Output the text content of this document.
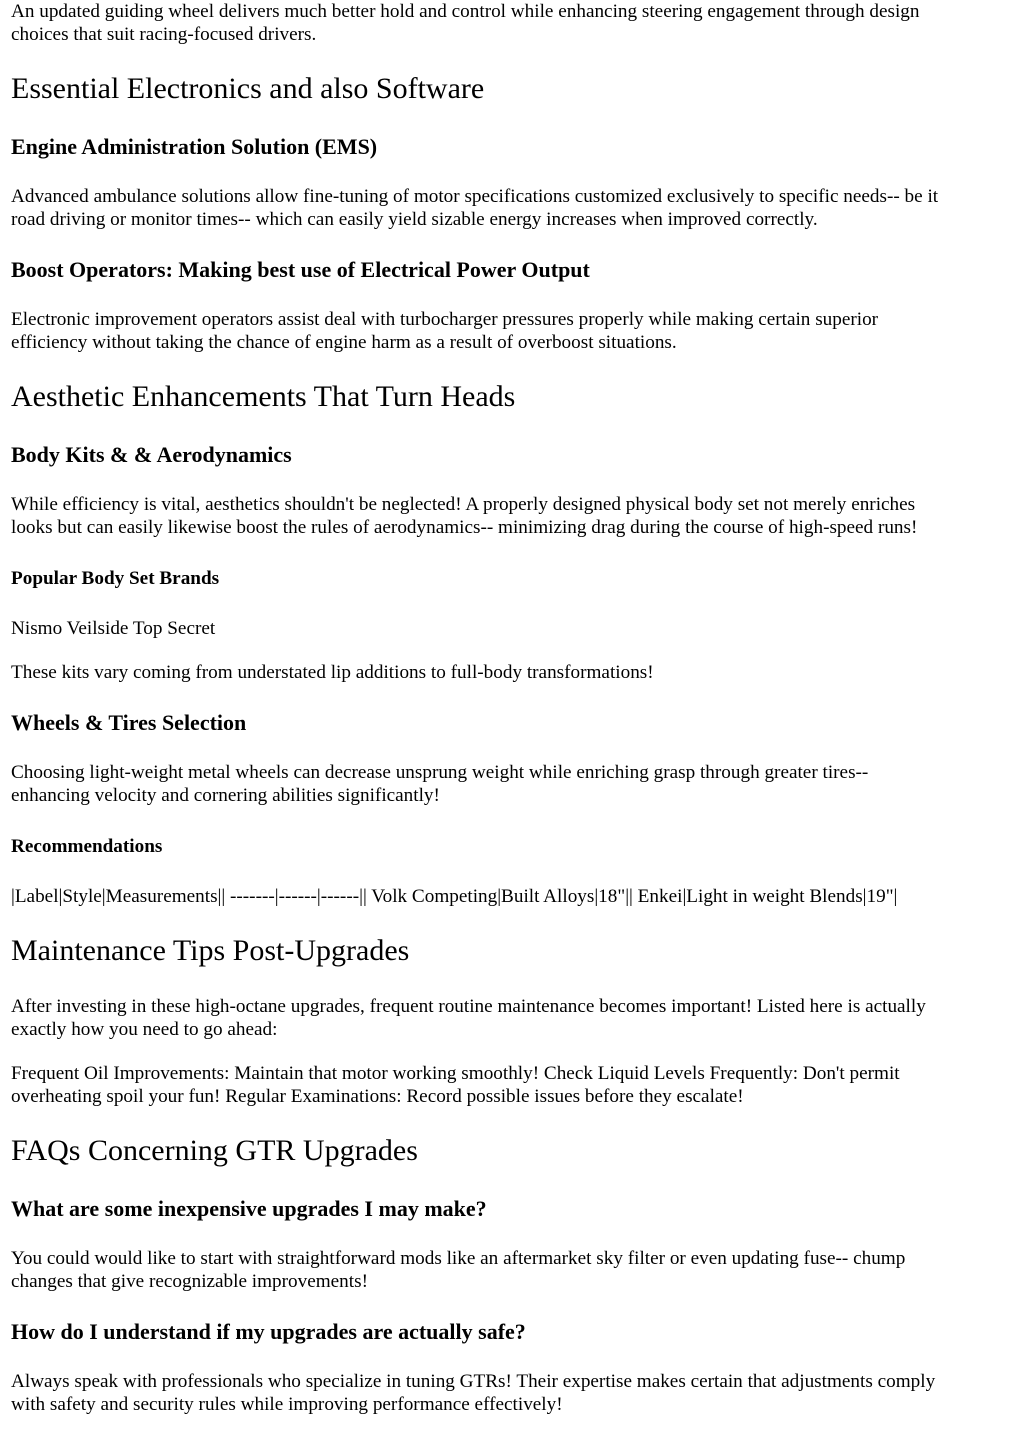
An updated guiding wheel delivers much better hold and control while enhancing steering engagement through design

choices that suit racing-focused drivers.

Essential Electronics and also Software
Engine Administration Solution (EMS)

Advanced ambulance solutions allow fine-tuning of motor specifications customized exclusively to specific needs-- be it

road driving or monitor times-- which can easily yield sizable energy increases when improved correctly.

Boost Operators: Making best use of Electrical Power Output

Electronic improvement operators assist deal with turbocharger pressures properly while making certain superior

efficiency without taking the chance of engine harm as a result of overboost situations.

Aesthetic Enhancements That Turn Heads
Body Kits & & Aerodynamics

While efficiency is vital, aesthetics shouldn't be neglected! A properly designed physical body set not merely enriches

looks but can easily likewise boost the rules of aerodynamics-- minimizing drag during the course of high-speed runs!

Popular Body Set Brands

Nismo Veilside Top Secret

These kits vary coming from understated lip additions to full-body transformations!

Wheels & Tires Selection

Choosing light-weight metal wheels can decrease unsprung weight while enriching grasp through greater tires--

enhancing velocity and cornering abilities significantly!

Recommendations

|Label|Style|Measurements|| -------|------|------|| Volk Competing|Built Alloys|18"|| Enkei|Light in weight Blends|19"|

Maintenance Tips Post-Upgrades

After investing in these high-octane upgrades, frequent routine maintenance becomes important! Listed here is actually

exactly how you need to go ahead:

Frequent Oil Improvements: Maintain that motor working smoothly! Check Liquid Levels Frequently: Don't permit

overheating spoil your fun! Regular Examinations: Record possible issues before they escalate!

FAQs Concerning GTR Upgrades
What are some inexpensive upgrades I may make?

You could would like to start with straightforward mods like an aftermarket sky filter or even updating fuse-- chump

changes that give recognizable improvements!

How do I understand if my upgrades are actually safe?

Always speak with professionals who specialize in tuning GTRs! Their expertise makes certain that adjustments comply

with safety and security rules while improving performance effectively!
